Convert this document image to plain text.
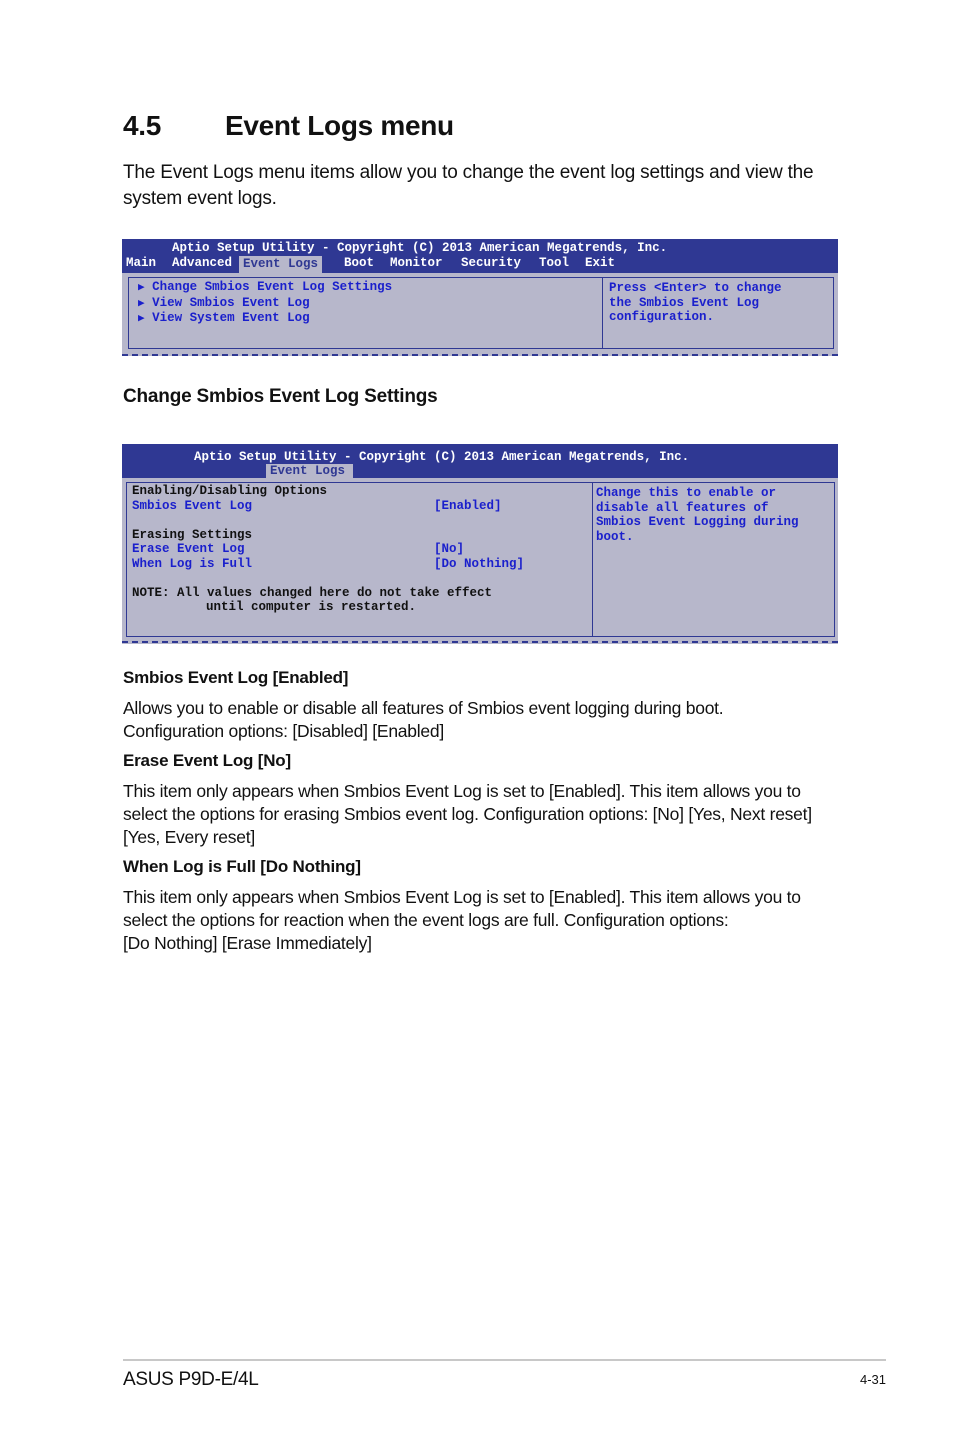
4.5 Event Logs menu

The Event Logs menu items allow you to change the event log settings and view the system event logs.

Aptio Setup Utility - Copyright (C) 2013 American Megatrends, Inc.

Main

Advanced

Event Logs

	Boot

Monitor

Security

Tool

Exit

▶ Change Smbios Event Log Settings
▶ View Smbios Event Log
▶ View System Event Log
Press <Enter> to change
the Smbios Event Log
configuration.
Change Smbios Event Log Settings
Aptio Setup Utility - Copyright (C) 2013 American Megatrends, Inc.
Event Logs
Enabling/Disabling Options
Smbios Event Log	[Enabled]
Erasing Settings
Erase Event Log	[No]
When Log is Full	[Do Nothing]
NOTE: All values changed here do not take effect
until computer is restarted.
Change this to enable or
disable all features of
Smbios Event Logging during
boot.
Smbios Event Log [Enabled]

Allows you to enable or disable all features of Smbios event logging during boot.
Configuration options: [Disabled] [Enabled]

Erase Event Log [No]

This item only appears when Smbios Event Log is set to [Enabled]. This item allows you to select the options for erasing Smbios event log. Configuration options: [No] [Yes, Next reset] [Yes, Every reset]

When Log is Full [Do Nothing]

This item only appears when Smbios Event Log is set to [Enabled]. This item allows you to select the options for reaction when the event logs are full. Configuration options:
[Do Nothing] [Erase Immediately]

ASUS P9D-E/4L	4-31
